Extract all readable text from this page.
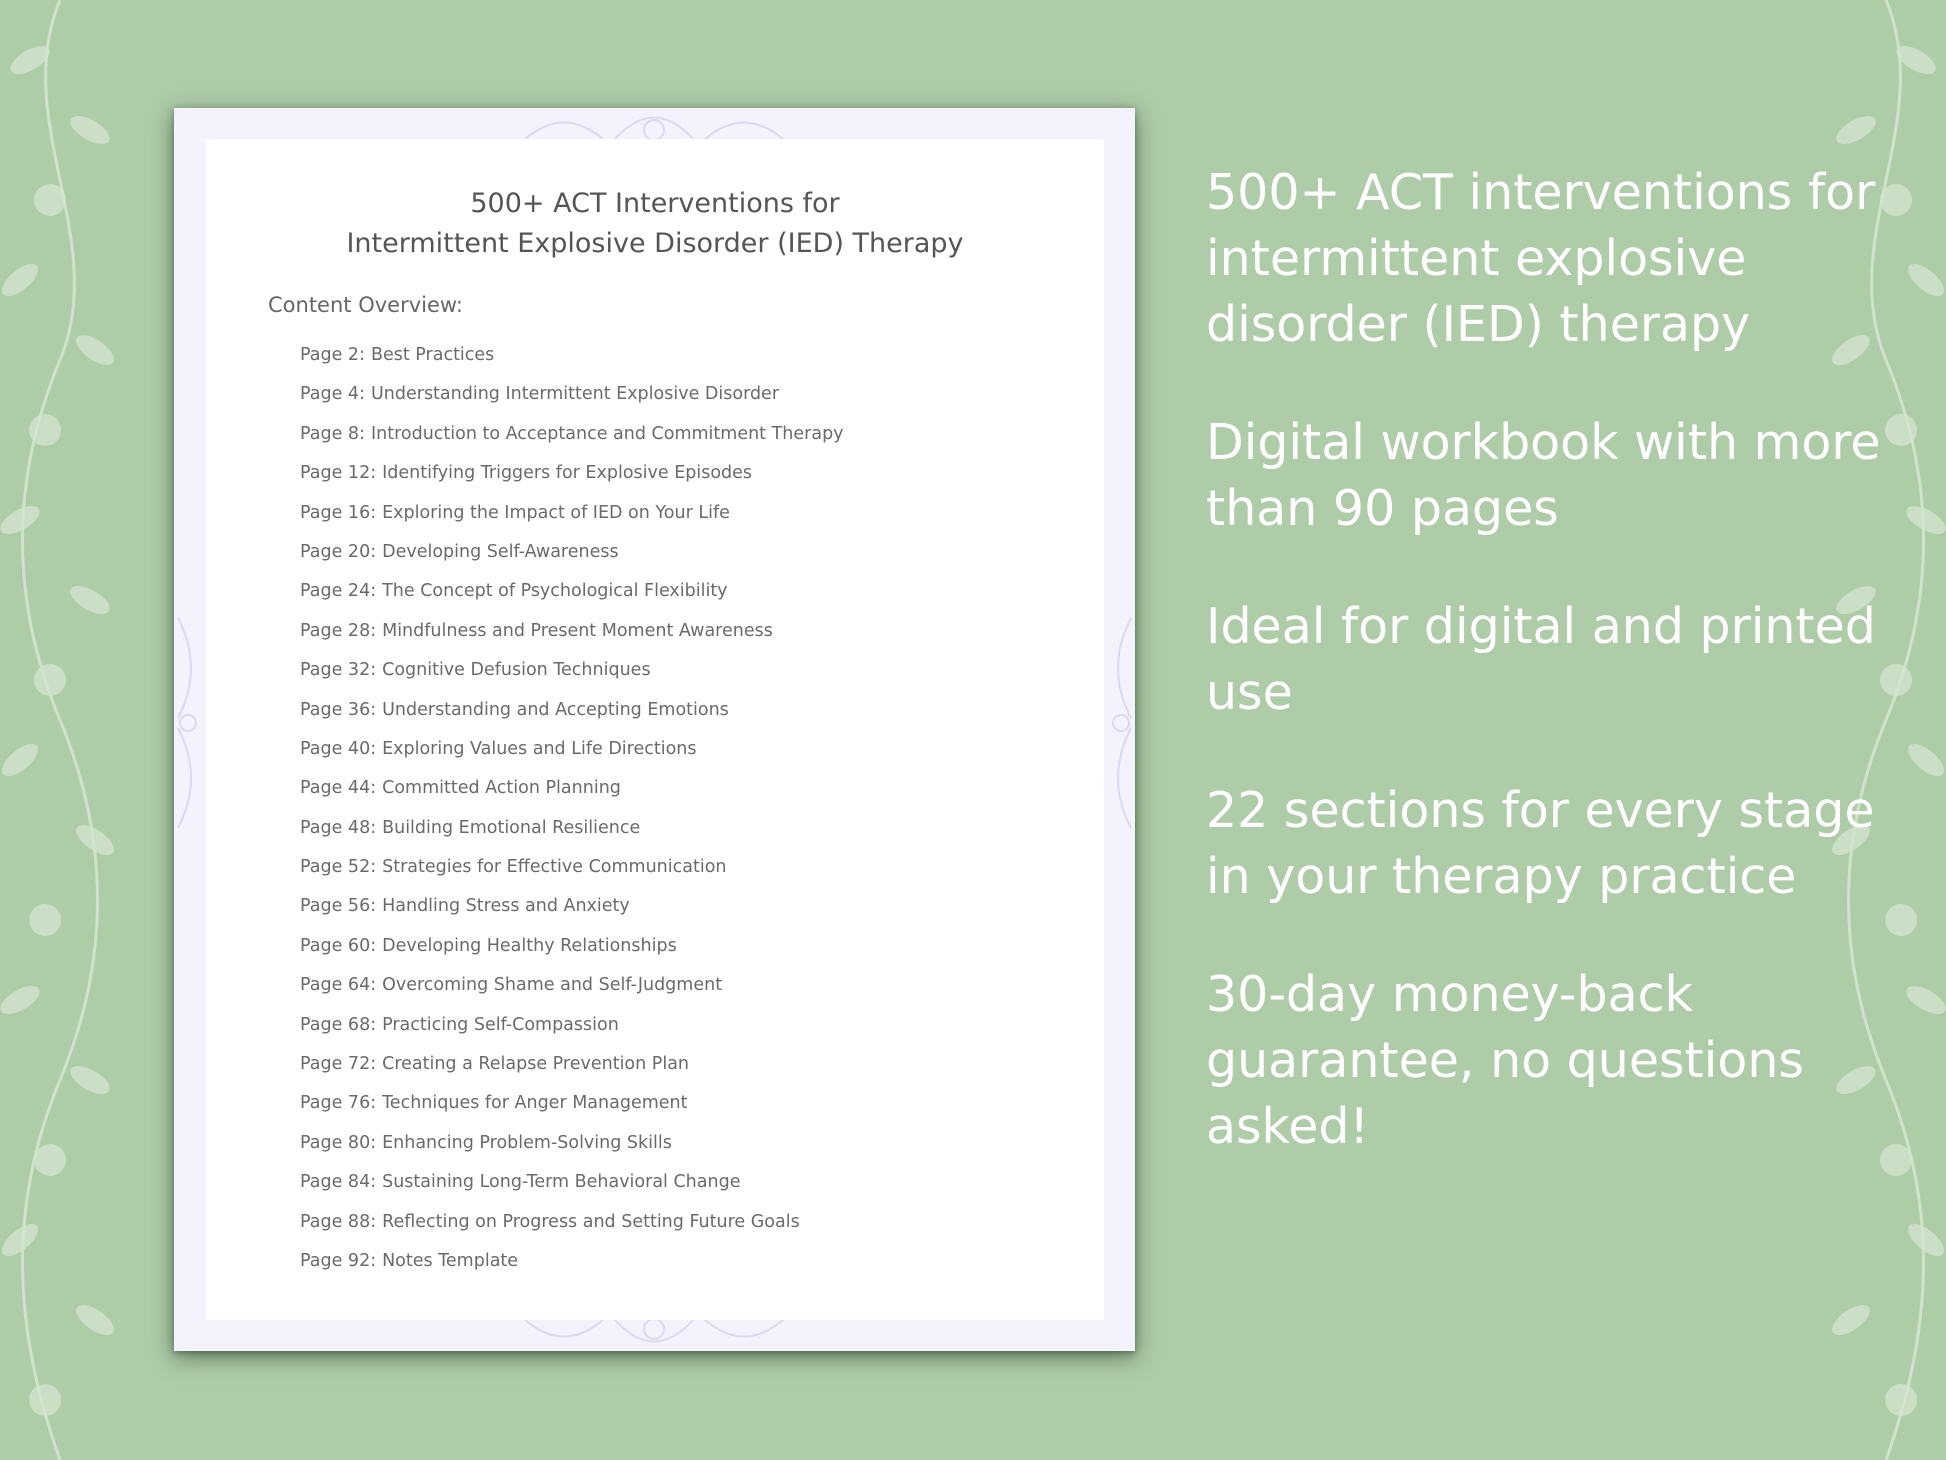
500+ ACT Interventions for
Intermittent Explosive Disorder (IED) Therapy
Content Overview:
Page 2: Best Practices
Page 4: Understanding Intermittent Explosive Disorder
Page 8: Introduction to Acceptance and Commitment Therapy
Page 12: Identifying Triggers for Explosive Episodes
Page 16: Exploring the Impact of IED on Your Life
Page 20: Developing Self-Awareness
Page 24: The Concept of Psychological Flexibility
Page 28: Mindfulness and Present Moment Awareness
Page 32: Cognitive Defusion Techniques
Page 36: Understanding and Accepting Emotions
Page 40: Exploring Values and Life Directions
Page 44: Committed Action Planning
Page 48: Building Emotional Resilience
Page 52: Strategies for Effective Communication
Page 56: Handling Stress and Anxiety
Page 60: Developing Healthy Relationships
Page 64: Overcoming Shame and Self-Judgment
Page 68: Practicing Self-Compassion
Page 72: Creating a Relapse Prevention Plan
Page 76: Techniques for Anger Management
Page 80: Enhancing Problem-Solving Skills
Page 84: Sustaining Long-Term Behavioral Change
Page 88: Reflecting on Progress and Setting Future Goals
Page 92: Notes Template
500+ ACT interventions for intermittent explosive disorder (IED) therapy
Digital workbook with more than 90 pages
Ideal for digital and printed use
22 sections for every stage in your therapy practice
30-day money-back guarantee, no questions asked!
